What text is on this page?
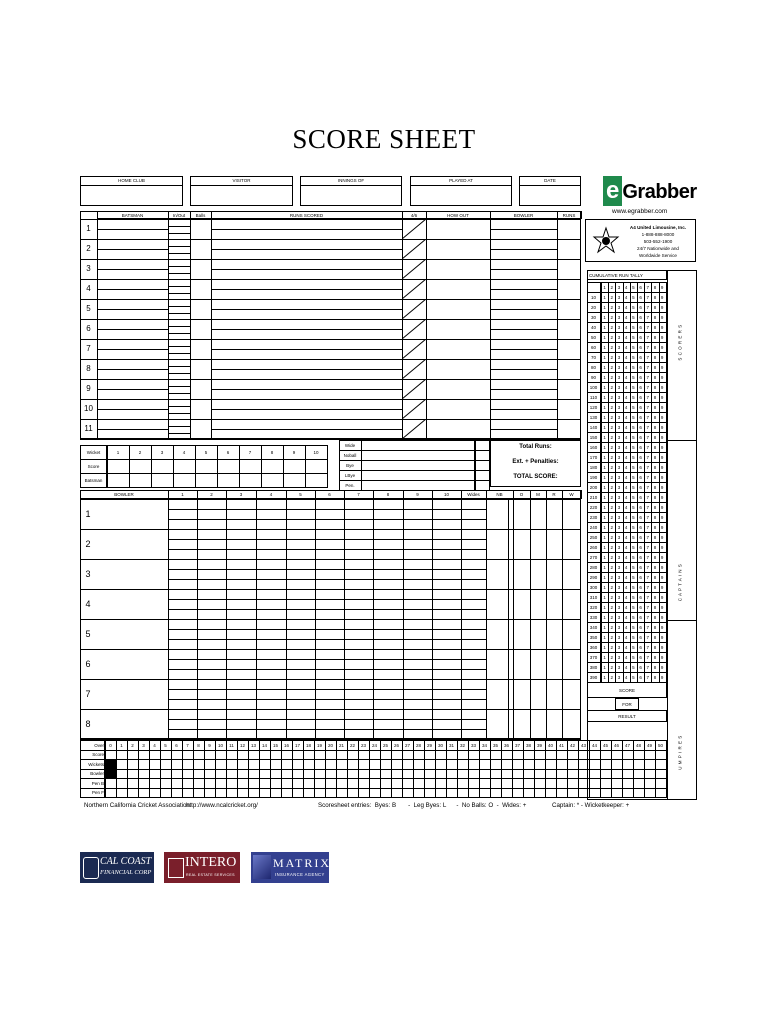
SCORE SHEET
HOME CLUB	VISITOR	INNINGS OF	PLAYED AT	DATE
BATSMAN	In/Out	Balls	RUNS SCORED	4/6	HOW OUT	BOWLER	RUNS
1
2
3
4
5
6
7
8
9
10
11
Wicket	1	2	3	4	5	6	7	8	9	10
Score
Batsman
Wide
Noball
Bye
LBye
Pen.
Total Runs:
Ext. + Penalties:
TOTAL SCORE:
BOWLER	1	2	3	4	5	6	7	8	9	10	Wides	NB	O	M	R	W
1
2
3
4
5
6
7
8
Over	0	1	2	3	4	5	6	7	8	9	10	11	12	13	14	15	16	17	18	19	20	21	22	23	24	25	26	27	28	29	30	31	32	33	34	35	36	37	38	39	40	41	42	43	44	45	46	47	48	49	50
Score
Wickets
Bowler
Pen B
Pen F
e Grabber
www.egrabber.com
A4 United Limousine, Inc.
1-888-888-8000
503-552-1900
24/7 Nationwide and
Worldwide Service
CUMULATIVE RUN TALLY
1	2	3	4	5	6	7	8	9
10	1	2	3	4	5	6	7	8	9
20	1	2	3	4	5	6	7	8	9
30	1	2	3	4	5	6	7	8	9
40	1	2	3	4	5	6	7	8	9
50	1	2	3	4	5	6	7	8	9
60	1	2	3	4	5	6	7	8	9
70	1	2	3	4	5	6	7	8	9
80	1	2	3	4	5	6	7	8	9
90	1	2	3	4	5	6	7	8	9
100	1	2	3	4	5	6	7	8	9
110	1	2	3	4	5	6	7	8	9
120	1	2	3	4	5	6	7	8	9
130	1	2	3	4	5	6	7	8	9
140	1	2	3	4	5	6	7	8	9
150	1	2	3	4	5	6	7	8	9
160	1	2	3	4	5	6	7	8	9
170	1	2	3	4	5	6	7	8	9
180	1	2	3	4	5	6	7	8	9
190	1	2	3	4	5	6	7	8	9
200	1	2	3	4	5	6	7	8	9
210	1	2	3	4	5	6	7	8	9
220	1	2	3	4	5	6	7	8	9
230	1	2	3	4	5	6	7	8	9
240	1	2	3	4	5	6	7	8	9
250	1	2	3	4	5	6	7	8	9
260	1	2	3	4	5	6	7	8	9
270	1	2	3	4	5	6	7	8	9
280	1	2	3	4	5	6	7	8	9
290	1	2	3	4	5	6	7	8	9
300	1	2	3	4	5	6	7	8	9
310	1	2	3	4	5	6	7	8	9
320	1	2	3	4	5	6	7	8	9
330	1	2	3	4	5	6	7	8	9
340	1	2	3	4	5	6	7	8	9
350	1	2	3	4	5	6	7	8	9
360	1	2	3	4	5	6	7	8	9
370	1	2	3	4	5	6	7	8	9
380	1	2	3	4	5	6	7	8	9
390	1	2	3	4	5	6	7	8	9
S C O R E R S
C A P T A I N S
U M P I R E S
SCORE
FOR
RESULT
Northern California Cricket Association
http://www.ncalcricket.org/	Scoresheet entries:  Byes: B       -  Leg Byes: L      -  No Balls: O  -  Wides: +	Captain: * - Wicketkeeper: +
CAL COAST
FINANCIAL CORP
INTERO
REAL ESTATE SERVICES
MATRIX
INSURANCE AGENCY
